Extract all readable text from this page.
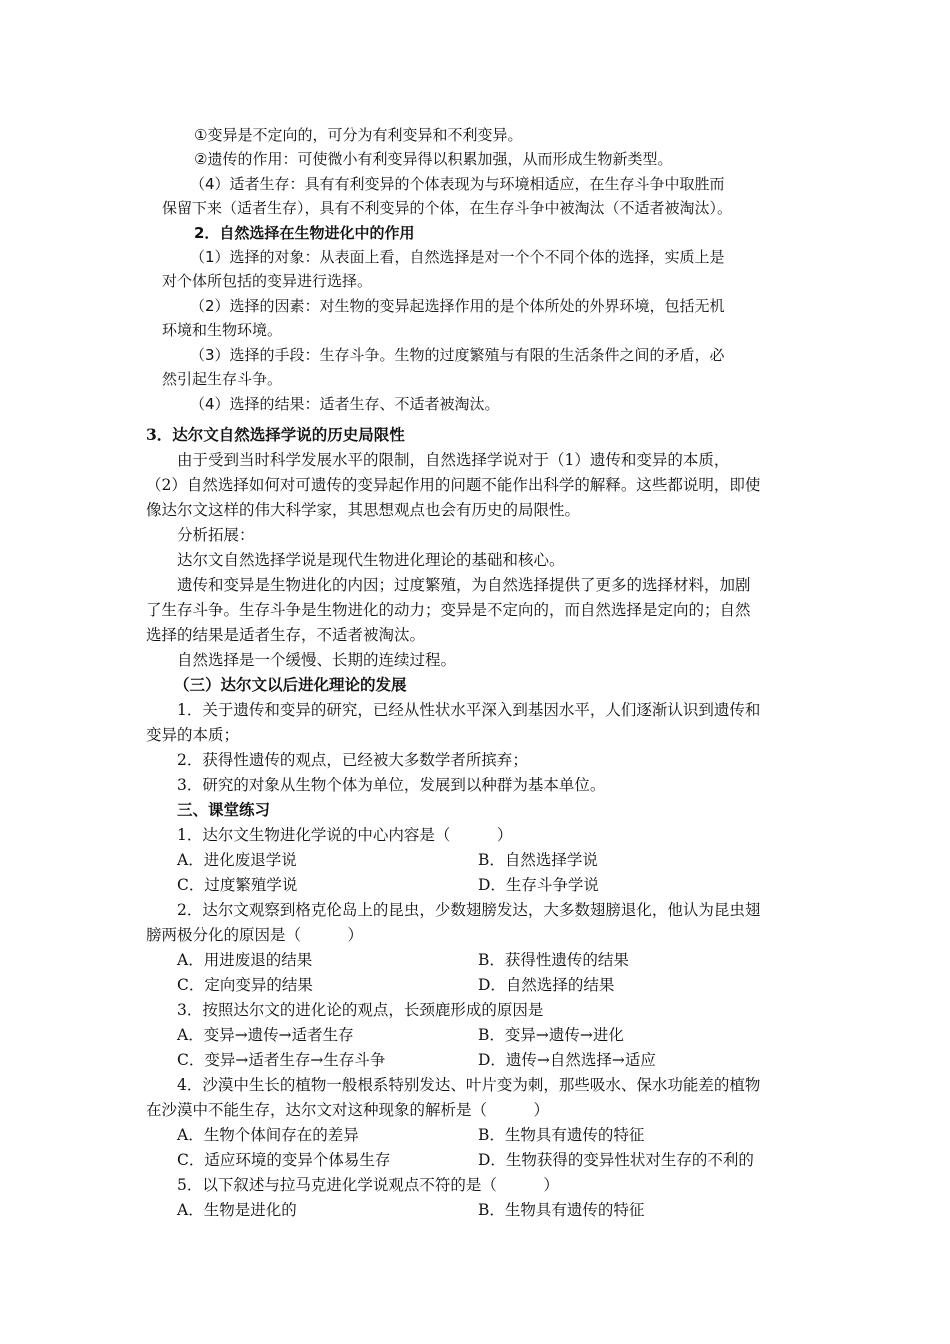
①变异是不定向的，可分为有利变异和不利变异。
②遗传的作用：可使微小有利变异得以积累加强，从而形成生物新类型。
（4）适者生存：具有有利变异的个体表现为与环境相适应，在生存斗争中取胜而
保留下来（适者生存），具有不利变异的个体，在生存斗争中被淘汰（不适者被淘汰）。
2．自然选择在生物进化中的作用
（1）选择的对象：从表面上看，自然选择是对一个个不同个体的选择，实质上是
对个体所包括的变异进行选择。
（2）选择的因素：对生物的变异起选择作用的是个体所处的外界环境，包括无机
环境和生物环境。
（3）选择的手段：生存斗争。生物的过度繁殖与有限的生活条件之间的矛盾，必
然引起生存斗争。
（4）选择的结果：适者生存、不适者被淘汰。
3．达尔文自然选择学说的历史局限性
由于受到当时科学发展水平的限制，自然选择学说对于（1）遗传和变异的本质，
（2）自然选择如何对可遗传的变异起作用的问题不能作出科学的解释。这些都说明，即使
像达尔文这样的伟大科学家，其思想观点也会有历史的局限性。
分析拓展：
达尔文自然选择学说是现代生物进化理论的基础和核心。
遗传和变异是生物进化的内因；过度繁殖，为自然选择提供了更多的选择材料，加剧
了生存斗争。生存斗争是生物进化的动力；变异是不定向的，而自然选择是定向的；自然
选择的结果是适者生存，不适者被淘汰。
自然选择是一个缓慢、长期的连续过程。
（三）达尔文以后进化理论的发展
1．关于遗传和变异的研究，已经从性状水平深入到基因水平，人们逐渐认识到遗传和
变异的本质；
2．获得性遗传的观点，已经被大多数学者所摈弃；
3．研究的对象从生物个体为单位，发展到以种群为基本单位。
三、课堂练习
1．达尔文生物进化学说的中心内容是（　　　）
A．进化废退学说	B．自然选择学说
C．过度繁殖学说	D．生存斗争学说
2．达尔文观察到格克伦岛上的昆虫，少数翅膀发达，大多数翅膀退化，他认为昆虫翅
膀两极分化的原因是（　　　）
A．用进废退的结果	B．获得性遗传的结果
C．定向变异的结果	D．自然选择的结果
3．按照达尔文的进化论的观点，长颈鹿形成的原因是
A．变异→遗传→适者生存	B．变异→遗传→进化
C．变异→适者生存→生存斗争	D．遗传→自然选择→适应
4．沙漠中生长的植物一般根系特别发达、叶片变为刺，那些吸水、保水功能差的植物
在沙漠中不能生存，达尔文对这种现象的解析是（　　　）
A．生物个体间存在的差异	B．生物具有遗传的特征
C．适应环境的变异个体易生存	D．生物获得的变异性状对生存的不利的
5．以下叙述与拉马克进化学说观点不符的是（　　　）
A．生物是进化的	B．生物具有遗传的特征
